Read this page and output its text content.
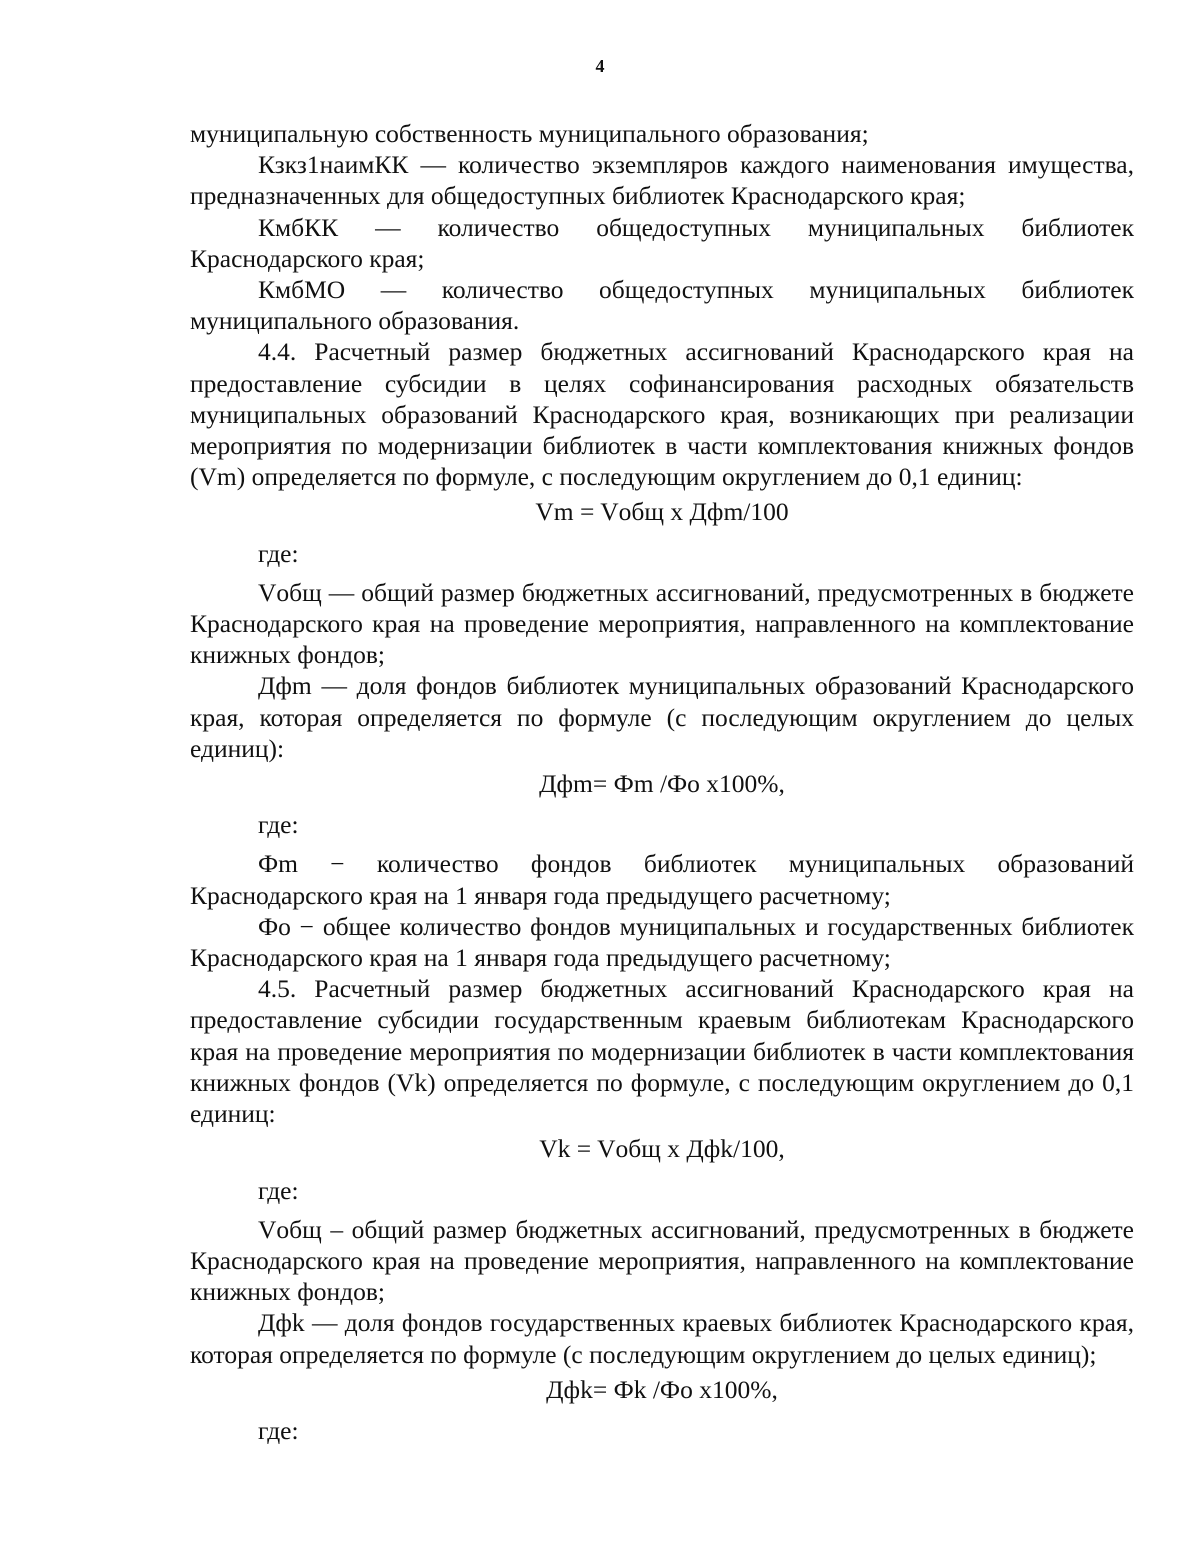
4

муниципальную собственность муниципального образования;

Кзкз1наимКК — количество экземпляров каждого наименования имущества, предназначенных для общедоступных библиотек Краснодарского края;

КмбКК — количество общедоступных муниципальных библиотек Краснодарского края;

КмбМО — количество общедоступных муниципальных библиотек муниципального образования.

4.4. Расчетный размер бюджетных ассигнований Краснодарского края на предоставление субсидии в целях софинансирования расходных обязательств муниципальных образований Краснодарского края, возникающих при реализации мероприятия по модернизации библиотек в части комплектования книжных фондов (Vm) определяется по формуле, с последующим округлением до 0,1 единиц:

Vm = Vобщ х Дфm/100

где:

Vобщ — общий размер бюджетных ассигнований, предусмотренных в бюджете Краснодарского края на проведение мероприятия, направленного на комплектование книжных фондов;

Дфm — доля фондов библиотек муниципальных образований Краснодарского края, которая определяется по формуле (с последующим округлением до целых единиц):

Дфm= Фm /Фо х100%,

где:

Фm − количество фондов библиотек муниципальных образований Краснодарского края на 1 января года предыдущего расчетному;

Фо − общее количество фондов муниципальных и государственных библиотек Краснодарского края на 1 января года предыдущего расчетному;

4.5. Расчетный размер бюджетных ассигнований Краснодарского края на предоставление субсидии государственным краевым библиотекам Краснодарского края на проведение мероприятия по модернизации библиотек в части комплектования книжных фондов (Vk) определяется по формуле, с последующим округлением до 0,1 единиц:

Vk = Vобщ х Дфk/100,

где:

Vобщ – общий размер бюджетных ассигнований, предусмотренных в бюджете Краснодарского края на проведение мероприятия, направленного на комплектование книжных фондов;

Дфk — доля фондов государственных краевых библиотек Краснодарского края, которая определяется по формуле (с последующим округлением до целых единиц);

Дфk= Фk /Фо х100%,

где:
